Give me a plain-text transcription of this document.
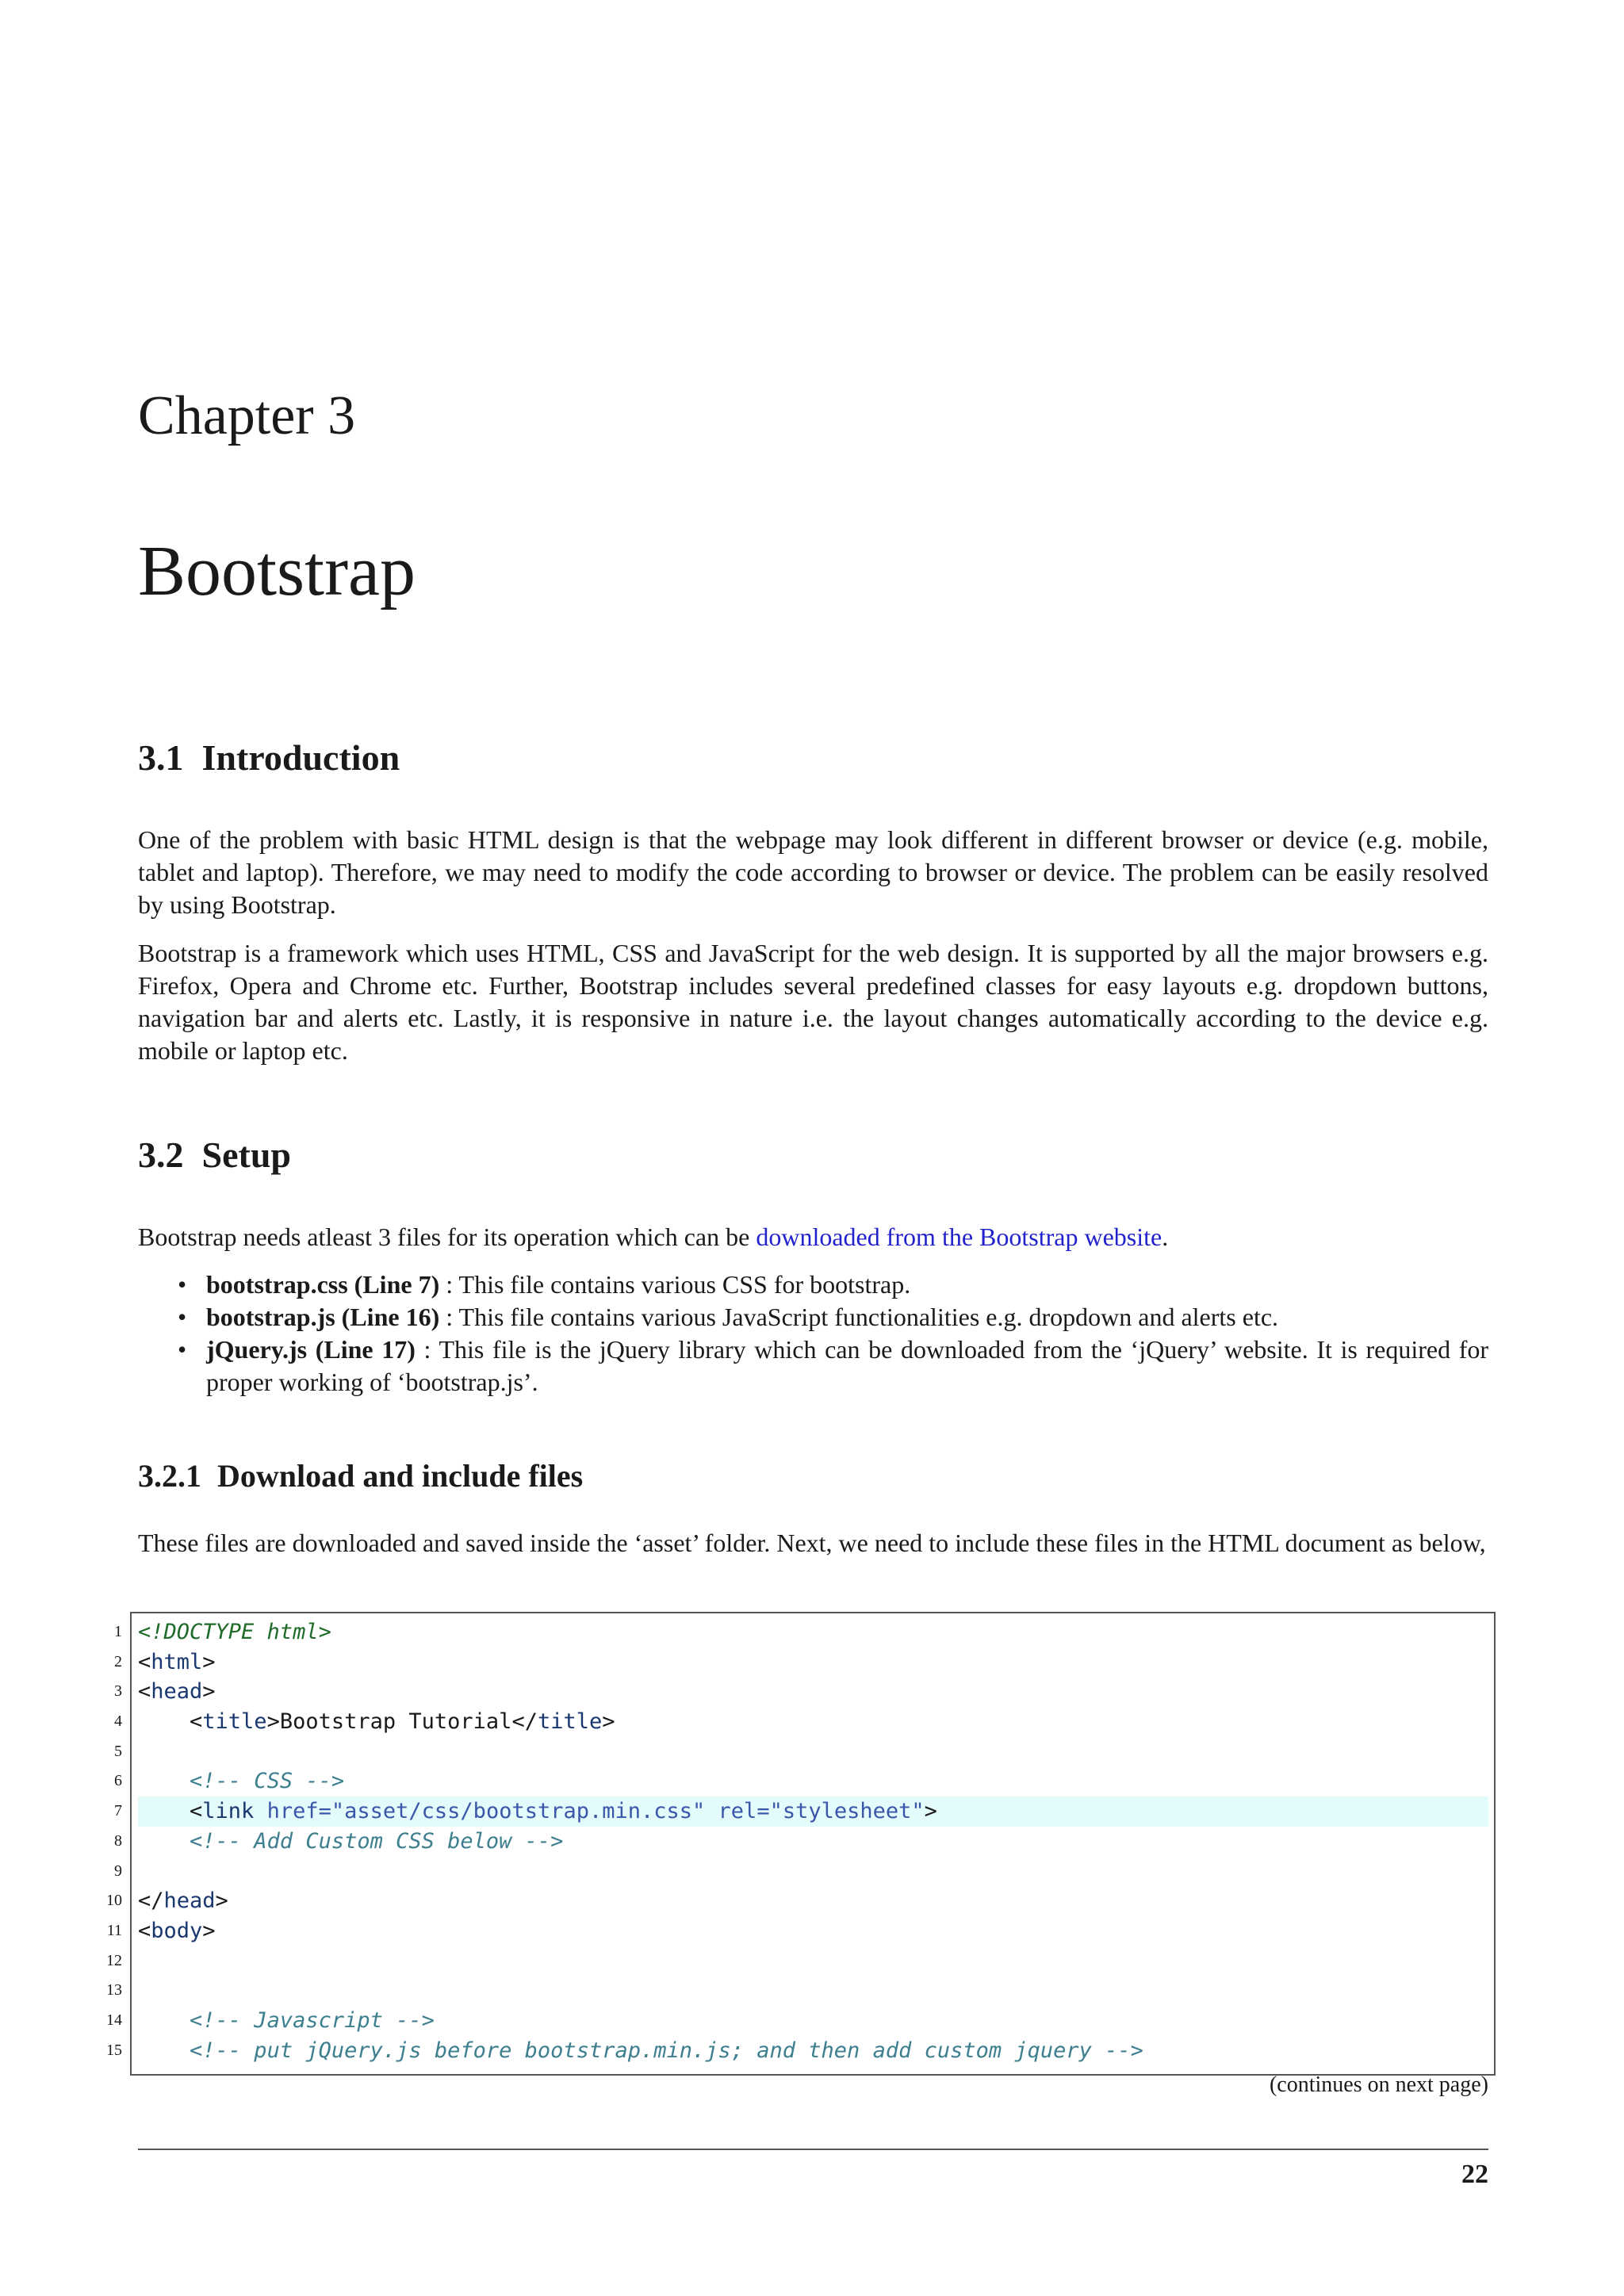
Chapter 3
Bootstrap
3.1  Introduction

One of the problem with basic HTML design is that the webpage may look different in different browser or device (e.g. mobile, tablet and laptop). Therefore, we may need to modify the code according to browser or device. The problem can be easily resolved by using Bootstrap.

Bootstrap is a framework which uses HTML, CSS and JavaScript for the web design. It is supported by all the major browsers e.g. Firefox, Opera and Chrome etc. Further, Bootstrap includes several predefined classes for easy layouts e.g. dropdown buttons, navigation bar and alerts etc. Lastly, it is responsive in nature i.e. the layout changes automatically according to the device e.g. mobile or laptop etc.

3.2  Setup

Bootstrap needs atleast 3 files for its operation which can be downloaded from the Bootstrap website.

• bootstrap.css (Line 7) : This file contains various CSS for bootstrap.
• bootstrap.js (Line 16) : This file contains various JavaScript functionalities e.g. dropdown and alerts etc.
• jQuery.js (Line 17) : This file is the jQuery library which can be downloaded from the ‘jQuery’ website. It is required for proper working of ‘bootstrap.js’.
3.2.1  Download and include files

These files are downloaded and saved inside the ‘asset’ folder. Next, we need to include these files in the HTML document as below,

1 <!DOCTYPE html>
2 <html>
3 <head>
4 <title>Bootstrap Tutorial</title>
5
6	<!-- CSS -->
7 <link href="asset/css/bootstrap.min.css" rel="stylesheet">
8	<!-- Add Custom CSS below -->
9
10 </head>
11 <body>
12
13
14	<!-- Javascript -->
15	<!-- put jQuery.js before bootstrap.min.js; and then add custom jquery -->
(continues on next page)
22
